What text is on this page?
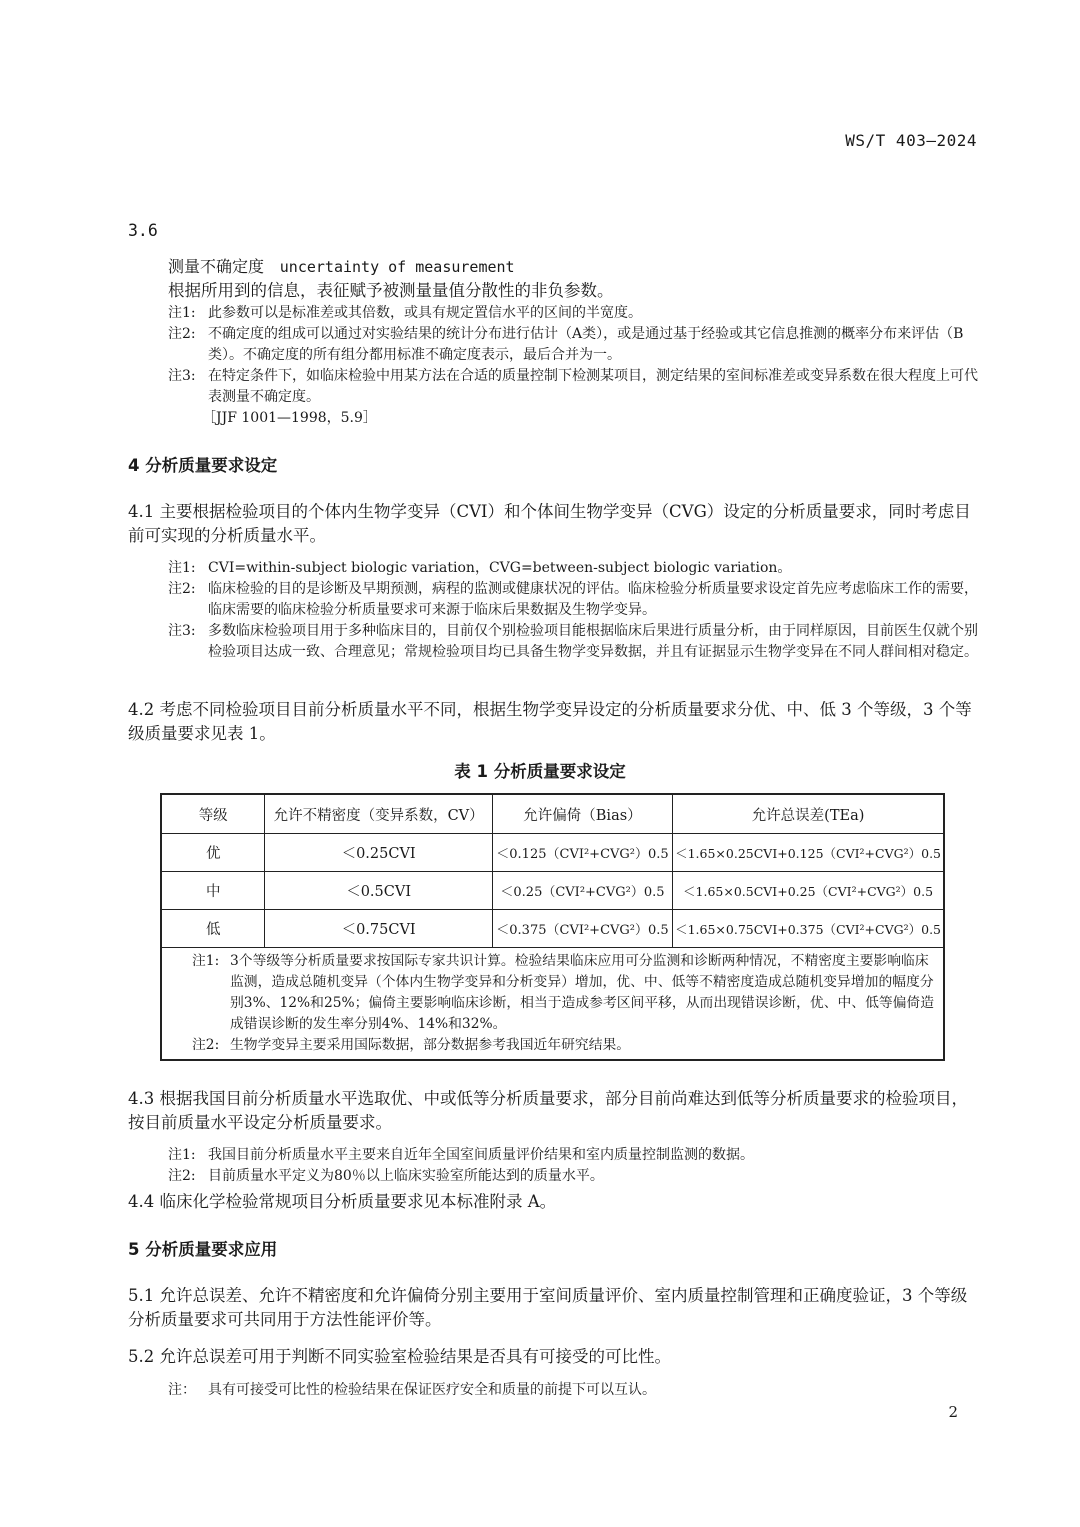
WS/T 403—2024

3.6

测量不确定度 uncertainty of measurement

根据所用到的信息，表征赋予被测量量值分散性的非负参数。

注1: 此参数可以是标准差或其倍数，或具有规定置信水平的区间的半宽度。
注2: 不确定度的组成可以通过对实验结果的统计分布进行估计（A类），或是通过基于经验或其它信息推测的概率分布来评估（B类）。不确定度的所有组分都用标准不确定度表示，最后合并为一。
注3: 在特定条件下，如临床检验中用某方法在合适的质量控制下检测某项目，测定结果的室间标准差或变异系数在很大程度上可代表测量不确定度。
［JJF 1001—1998，5.9］
4 分析质量要求设定

4.1 主要根据检验项目的个体内生物学变异（CVI）和个体间生物学变异（CVG）设定的分析质量要求，同时考虑目前可实现的分析质量水平。

注1: CVI=within-subject biologic variation，CVG=between-subject biologic variation。
注2: 临床检验的目的是诊断及早期预测，病程的监测或健康状况的评估。临床检验分析质量要求设定首先应考虑临床工作的需要，临床需要的临床检验分析质量要求可来源于临床后果数据及生物学变异。
注3: 多数临床检验项目用于多种临床目的，目前仅个别检验项目能根据临床后果进行质量分析，由于同样原因，目前医生仅就个别检验项目达成一致、合理意见；常规检验项目均已具备生物学变异数据，并且有证据显示生物学变异在不同人群间相对稳定。
4.2 考虑不同检验项目目前分析质量水平不同，根据生物学变异设定的分析质量要求分优、中、低 3 个等级，3 个等级质量要求见表 1。
表 1 分析质量要求设定
等级	允许不精密度（变异系数，CV）	允许偏倚（Bias）	允许总误差(TEa)
优	＜0.25CVI	＜0.125（CVI²+CVG²）0.5	＜1.65×0.25CVI+0.125（CVI²+CVG²）0.5
中	＜0.5CVI	＜0.25（CVI²+CVG²）0.5	＜1.65×0.5CVI+0.25（CVI²+CVG²）0.5
低	＜0.75CVI	＜0.375（CVI²+CVG²）0.5	＜1.65×0.75CVI+0.375（CVI²+CVG²）0.5

注1: 3个等级等分析质量要求按国际专家共识计算。检验结果临床应用可分监测和诊断两种情况，不精密度主要影响临床监测，造成总随机变异（个体内生物学变异和分析变异）增加，优、中、低等不精密度造成总随机变异增加的幅度分别3%、12%和25%；偏倚主要影响临床诊断，相当于造成参考区间平移，从而出现错误诊断，优、中、低等偏倚造成错误诊断的发生率分别4%、14%和32%。
注2: 生物学变异主要采用国际数据，部分数据参考我国近年研究结果。			

4.3 根据我国目前分析质量水平选取优、中或低等分析质量要求，部分目前尚难达到低等分析质量要求的检验项目，按目前质量水平设定分析质量要求。

注1: 我国目前分析质量水平主要来自近年全国室间质量评价结果和室内质量控制监测的数据。
注2: 目前质量水平定义为80％以上临床实验室所能达到的质量水平。
4.4 临床化学检验常规项目分析质量要求见本标准附录 A。
5 分析质量要求应用
5.1 允许总误差、允许不精密度和允许偏倚分别主要用于室间质量评价、室内质量控制管理和正确度验证，3 个等级分析质量要求可共同用于方法性能评价等。
5.2 允许总误差可用于判断不同实验室检验结果是否具有可接受的可比性。
注： 具有可接受可比性的检验结果在保证医疗安全和质量的前提下可以互认。
2
